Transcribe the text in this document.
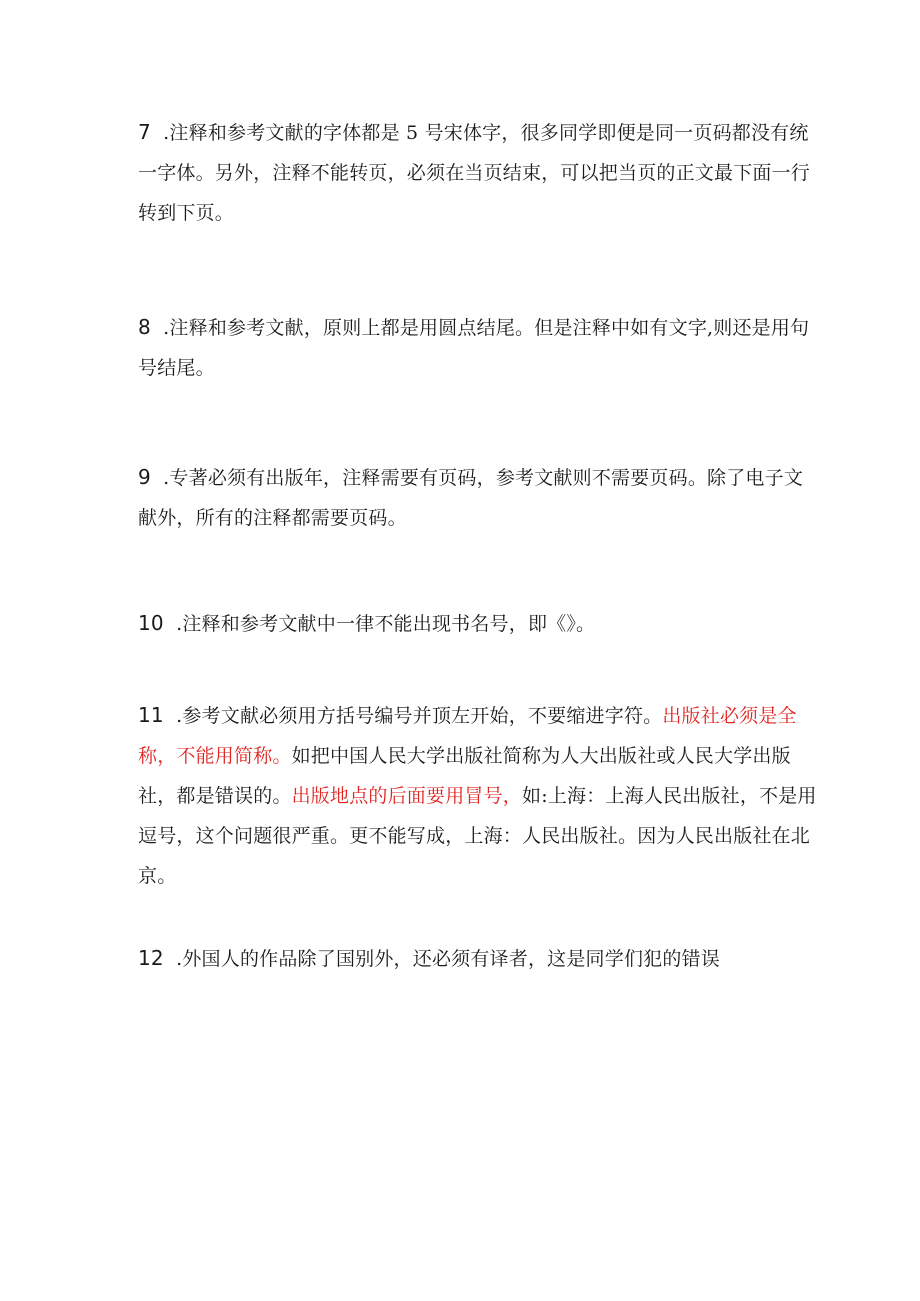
7 .注释和参考文献的字体都是 5 号宋体字，很多同学即便是同一页码都没有统一字体。另外，注释不能转页，必须在当页结束，可以把当页的正文最下面一行转到下页。

8 .注释和参考文献，原则上都是用圆点结尾。但是注释中如有文字,则还是用句号结尾。

9 .专著必须有出版年，注释需要有页码，参考文献则不需要页码。除了电子文献外，所有的注释都需要页码。

10 .注释和参考文献中一律不能出现书名号，即《》。

11 .参考文献必须用方括号编号并顶左开始，不要缩进字符。出版社必须是全称，不能用简称。如把中国人民大学出版社简称为人大出版社或人民大学出版社，都是错误的。出版地点的后面要用冒号，如:上海：上海人民出版社，不是用逗号，这个问题很严重。更不能写成，上海：人民出版社。因为人民出版社在北京。

12 .外国人的作品除了国别外，还必须有译者，这是同学们犯的错误
